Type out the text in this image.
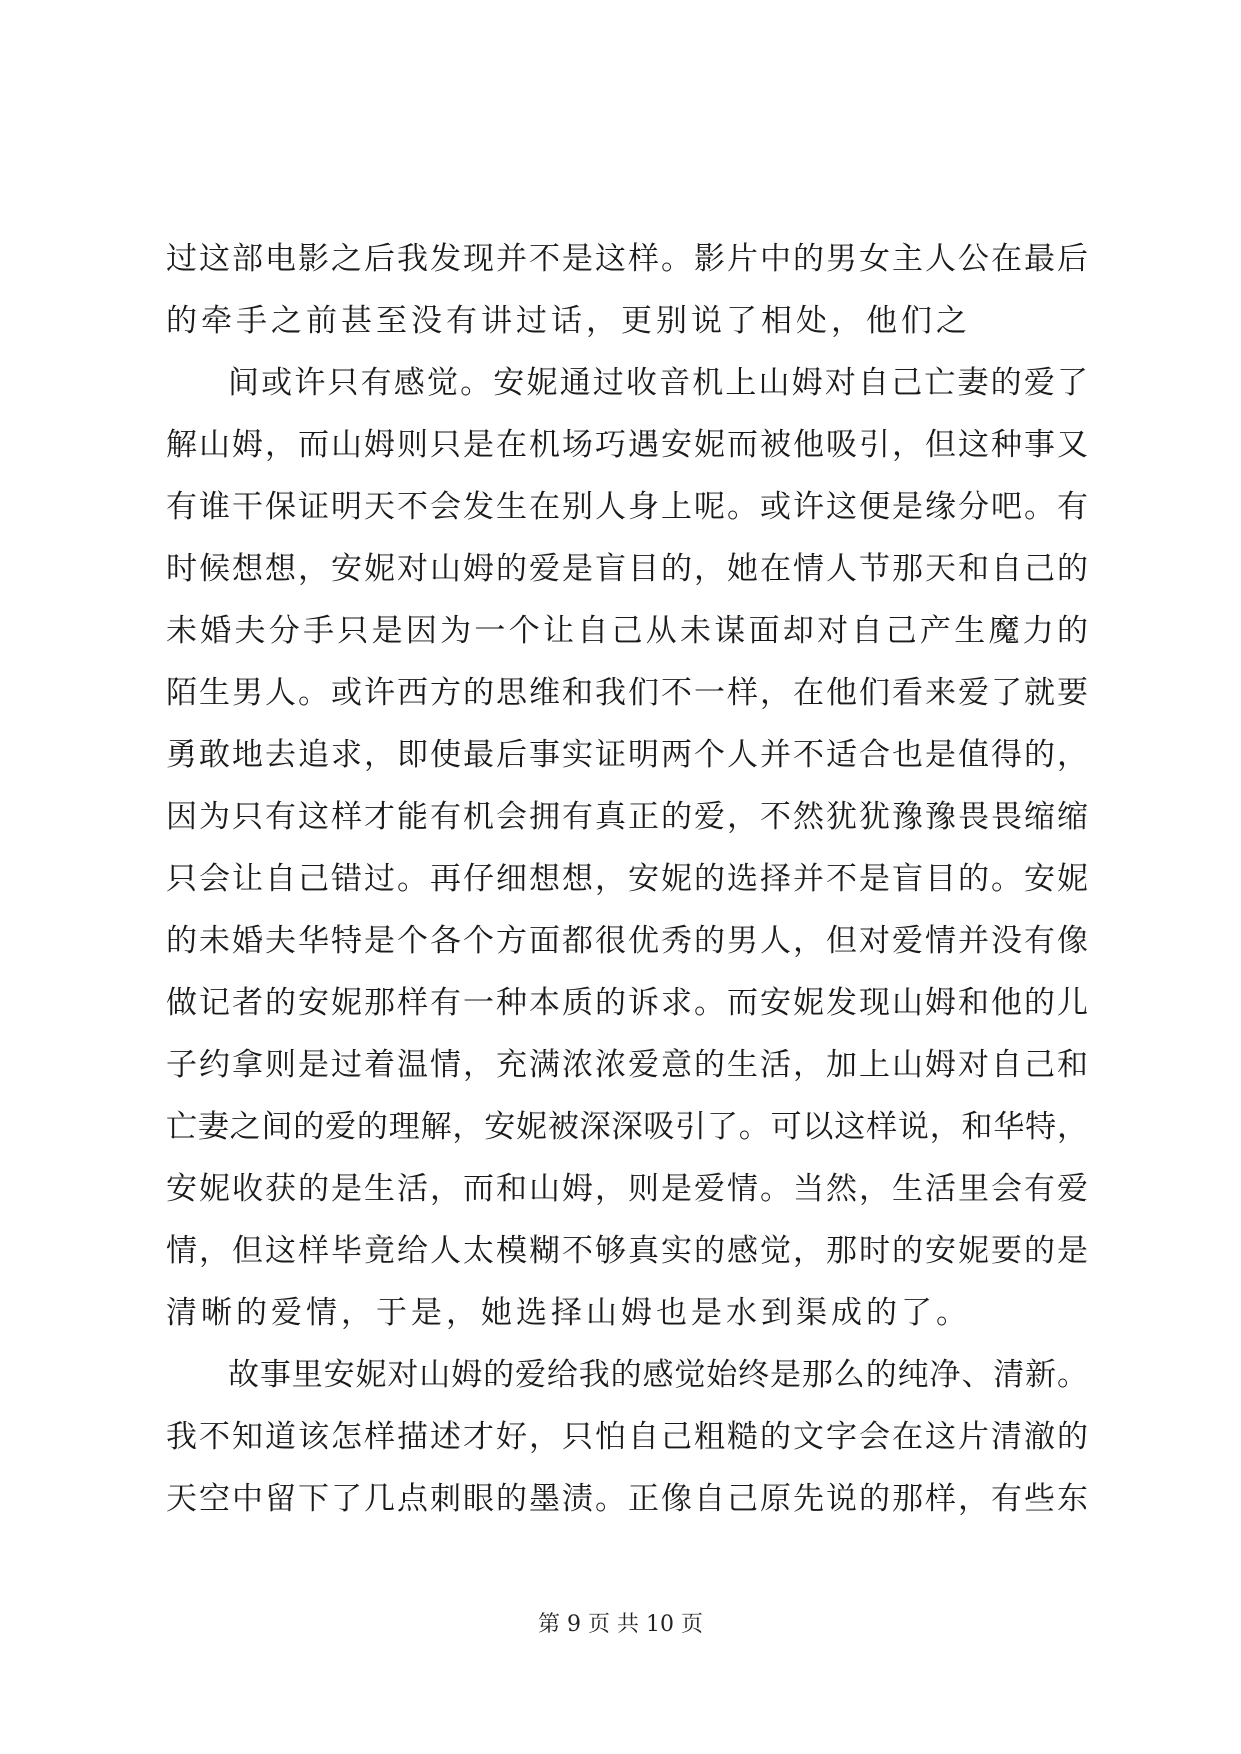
过这部电影之后我发现并不是这样。影片中的男女主人公在最后
的牵手之前甚至没有讲过话，更别说了相处，他们之
间或许只有感觉。安妮通过收音机上山姆对自己亡妻的爱了
解山姆，而山姆则只是在机场巧遇安妮而被他吸引，但这种事又
有谁干保证明天不会发生在别人身上呢。或许这便是缘分吧。有
时候想想，安妮对山姆的爱是盲目的，她在情人节那天和自己的
未婚夫分手只是因为一个让自己从未谋面却对自己产生魔力的
陌生男人。或许西方的思维和我们不一样，在他们看来爱了就要
勇敢地去追求，即使最后事实证明两个人并不适合也是值得的，
因为只有这样才能有机会拥有真正的爱，不然犹犹豫豫畏畏缩缩
只会让自己错过。再仔细想想，安妮的选择并不是盲目的。安妮
的未婚夫华特是个各个方面都很优秀的男人，但对爱情并没有像
做记者的安妮那样有一种本质的诉求。而安妮发现山姆和他的儿
子约拿则是过着温情，充满浓浓爱意的生活，加上山姆对自己和
亡妻之间的爱的理解，安妮被深深吸引了。可以这样说，和华特，
安妮收获的是生活，而和山姆，则是爱情。当然，生活里会有爱
情，但这样毕竟给人太模糊不够真实的感觉，那时的安妮要的是
清晰的爱情，于是，她选择山姆也是水到渠成的了。
故事里安妮对山姆的爱给我的感觉始终是那么的纯净、清新。
我不知道该怎样描述才好，只怕自己粗糙的文字会在这片清澈的
天空中留下了几点刺眼的墨渍。正像自己原先说的那样，有些东
第 9 页 共 10 页
